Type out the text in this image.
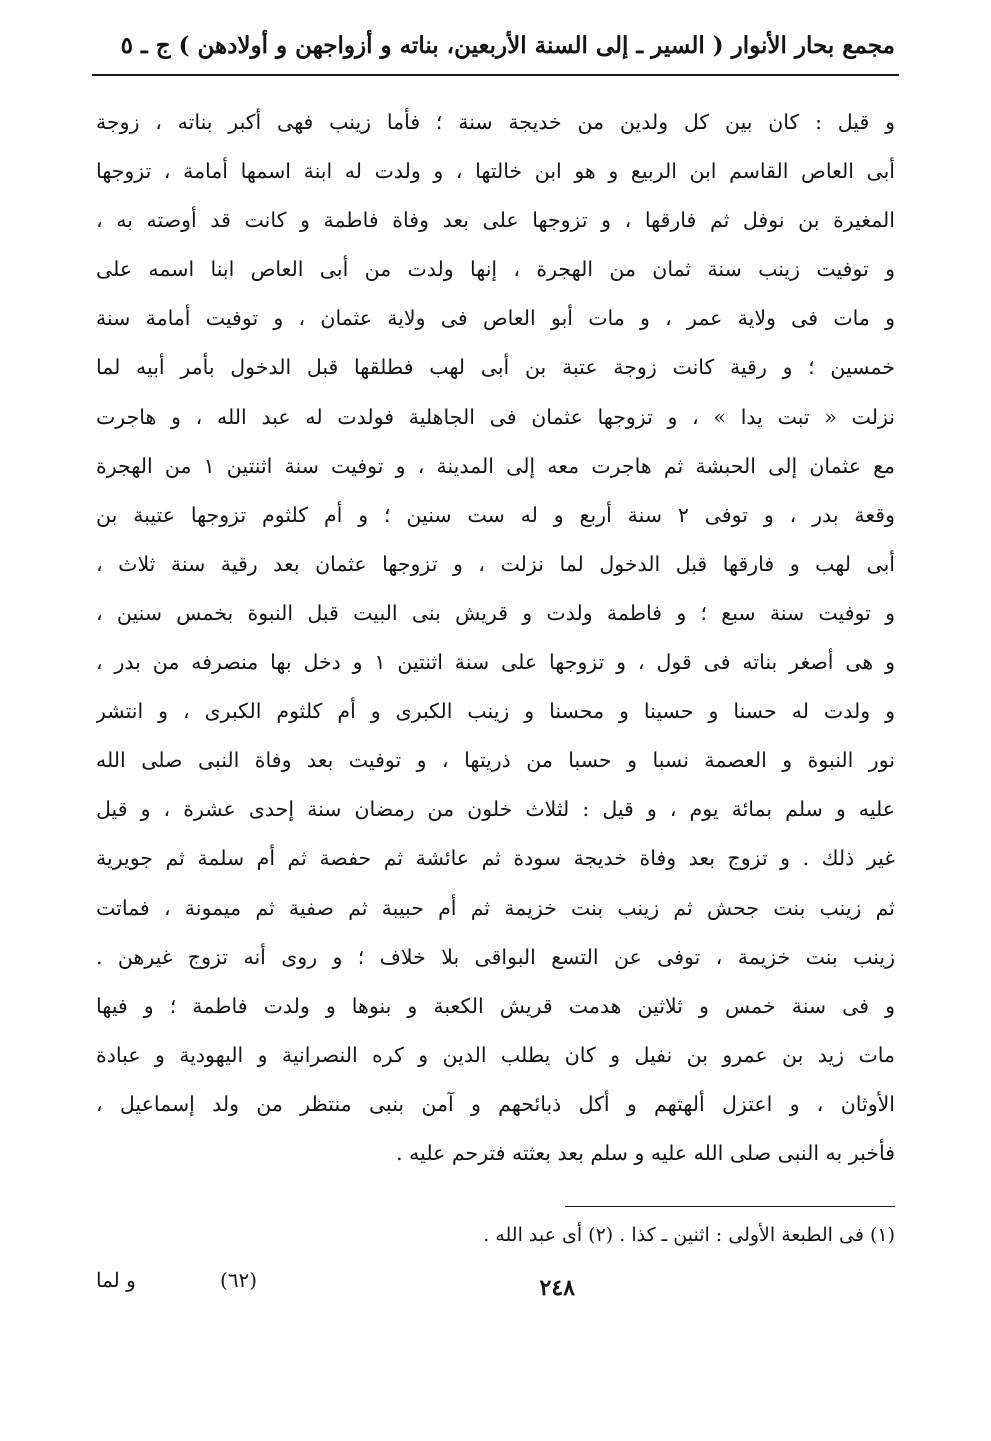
مجمع بحار الأنوار ( السير ـ إلى السنة الأربعين، بناته و أزواجهن و أولادهن ) ج ـ ٥
و قيل : كان بين كل ولدين من خديجة سنة ؛ فأما زينب فهى أكبر بناته ، زوجة
أبى العاص القاسم ابن الربيع و هو ابن خالتها ، و ولدت له ابنة اسمها أمامة ، تزوجها
المغيرة بن نوفل ثم فارقها ، و تزوجها على بعد وفاة فاطمة و كانت قد أوصته به ،
و توفيت زينب سنة ثمان من الهجرة ، إنها ولدت من أبى العاص ابنا اسمه على
و مات فى ولاية عمر ، و مات أبو العاص فى ولاية عثمان ، و توفيت أمامة سنة
خمسين ؛ و رقية كانت زوجة عتبة بن أبى لهب فطلقها قبل الدخول بأمر أبيه لما
نزلت « تبت يدا » ، و تزوجها عثمان فى الجاهلية فولدت له عبد الله ، و هاجرت
مع عثمان إلى الحبشة ثم هاجرت معه إلى المدينة ، و توفيت سنة اثنتين ١ من الهجرة
وقعة بدر ، و توفى ٢ سنة أربع و له ست سنين ؛ و أم كلثوم تزوجها عتيبة بن
أبى لهب و فارقها قبل الدخول لما نزلت ، و تزوجها عثمان بعد رقية سنة ثلاث ،
و توفيت سنة سبع ؛ و فاطمة ولدت و قريش بنى البيت قبل النبوة بخمس سنين ،
و هى أصغر بناته فى قول ، و تزوجها على سنة اثنتين ١ و دخل بها منصرفه من بدر ،
و ولدت له حسنا و حسينا و محسنا و زينب الكبرى و أم كلثوم الكبرى ، و انتشر
نور النبوة و العصمة نسبا و حسبا من ذريتها ، و توفيت بعد وفاة النبى صلى الله
عليه و سلم بمائة يوم ، و قيل : لثلاث خلون من رمضان سنة إحدى عشرة ، و قيل
غير ذلك . و تزوج بعد وفاة خديجة سودة ثم عائشة ثم حفصة ثم أم سلمة ثم جويرية
ثم زينب بنت جحش ثم زينب بنت خزيمة ثم أم حبيبة ثم صفية ثم ميمونة ، فماتت
زينب بنت خزيمة ، توفى عن التسع البواقى بلا خلاف ؛ و روى أنه تزوج غيرهن .
و فى سنة خمس و ثلاثين هدمت قريش الكعبة و بنوها و ولدت فاطمة ؛ و فيها
مات زيد بن عمرو بن نفيل و كان يطلب الدين و كره النصرانية و اليهودية و عبادة
الأوثان ، و اعتزل ألهتهم و أكل ذبائحهم و آمن بنبى منتظر من ولد إسماعيل ،
فأخبر به النبى صلى الله عليه و سلم بعد بعثته فترحم عليه .
(١) فى الطبعة الأولى : اثنين ـ كذا . (٢) أى عبد الله .
٢٤٨
(٦٢)
و لما
